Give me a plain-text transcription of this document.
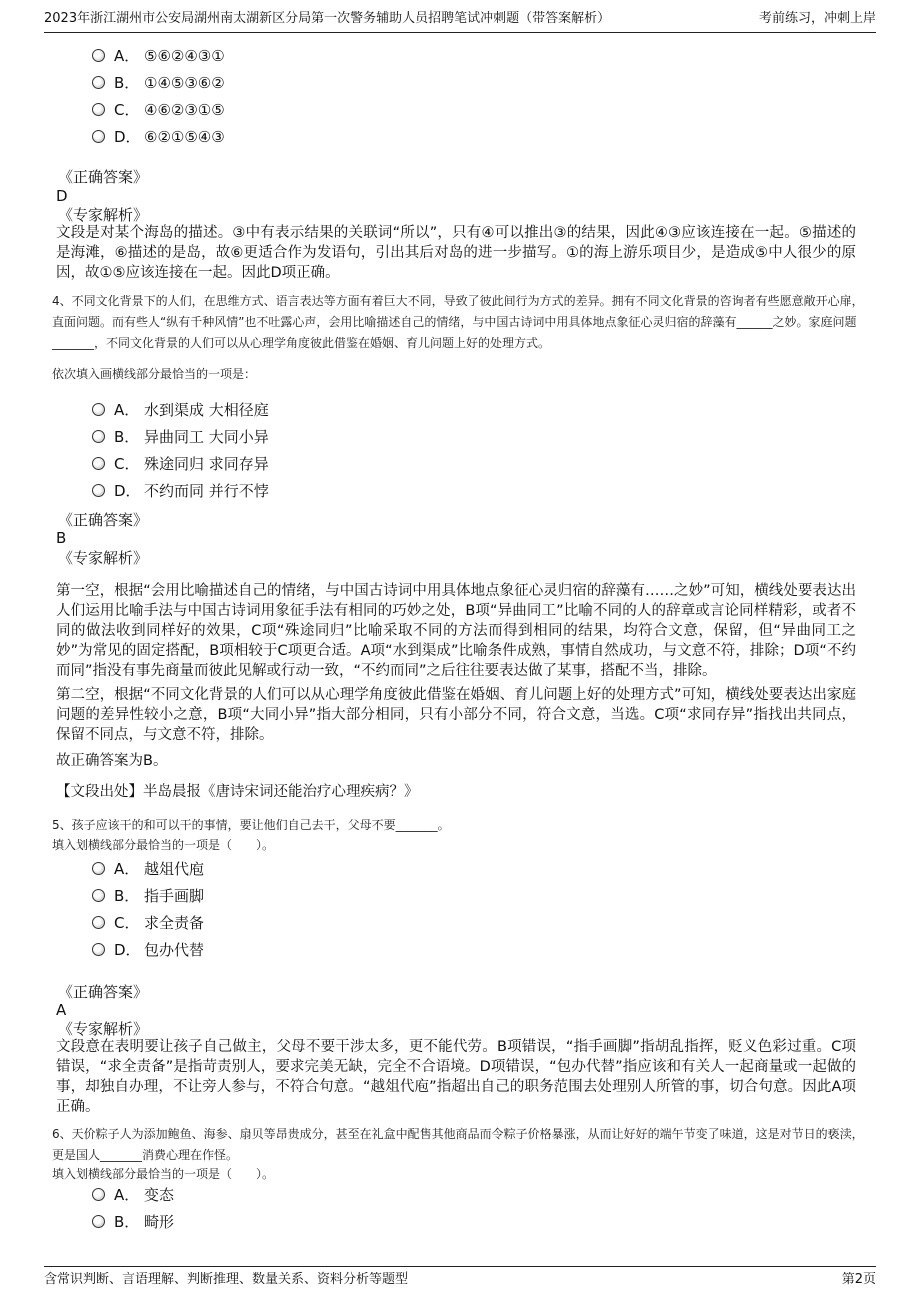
2023年浙江湖州市公安局湖州南太湖新区分局第一次警务辅助人员招聘笔试冲刺题（带答案解析）	考前练习，冲刺上岸
A． ⑤⑥②④③①
B． ①④⑤③⑥②
C． ④⑥②③①⑤
D． ⑥②①⑤④③
《正确答案》
D
《专家解析》
文段是对某个海岛的描述。③中有表示结果的关联词“所以”，只有④可以推出③的结果，因此④③应该连接在一起。⑤描述的是海滩，⑥描述的是岛，故⑥更适合作为发语句，引出其后对岛的进一步描写。①的海上游乐项目少，是造成⑤中人很少的原因，故①⑤应该连接在一起。因此D项正确。
4、不同文化背景下的人们，在思维方式、语言表达等方面有着巨大不同，导致了彼此间行为方式的差异。拥有不同文化背景的咨询者有些愿意敞开心扉，直面问题。而有些人“纵有千种风情”也不吐露心声，会用比喻描述自己的情绪，与中国古诗词中用具体地点象征心灵归宿的辞藻有______之妙。家庭问题_______，不同文化背景的人们可以从心理学角度彼此借鉴在婚姻、育儿问题上好的处理方式。
依次填入画横线部分最恰当的一项是：
A． 水到渠成 大相径庭
B． 异曲同工 大同小异
C． 殊途同归 求同存异
D． 不约而同 并行不悖
《正确答案》
B
《专家解析》
第一空，根据“会用比喻描述自己的情绪，与中国古诗词中用具体地点象征心灵归宿的辞藻有……之妙”可知，横线处要表达出人们运用比喻手法与中国古诗词用象征手法有相同的巧妙之处，B项“异曲同工”比喻不同的人的辞章或言论同样精彩，或者不同的做法收到同样好的效果，C项“殊途同归”比喻采取不同的方法而得到相同的结果，均符合文意，保留，但“异曲同工之妙”为常见的固定搭配，B项相较于C项更合适。A项“水到渠成”比喻条件成熟，事情自然成功，与文意不符，排除；D项“不约而同”指没有事先商量而彼此见解或行动一致，“不约而同”之后往往要表达做了某事，搭配不当，排除。
第二空，根据“不同文化背景的人们可以从心理学角度彼此借鉴在婚姻、育儿问题上好的处理方式”可知，横线处要表达出家庭问题的差异性较小之意，B项“大同小异”指大部分相同，只有小部分不同，符合文意，当选。C项“求同存异”指找出共同点，保留不同点，与文意不符，排除。
故正确答案为B。
【文段出处】半岛晨报《唐诗宋词还能治疗心理疾病？》
5、孩子应该干的和可以干的事情，要让他们自己去干，父母不要_______。
填入划横线部分最恰当的一项是（　　）。
A． 越俎代庖
B． 指手画脚
C． 求全责备
D． 包办代替
《正确答案》
A
《专家解析》
文段意在表明要让孩子自己做主，父母不要干涉太多，更不能代劳。B项错误，“指手画脚”指胡乱指挥，贬义色彩过重。C项错误，“求全责备”是指苛责别人，要求完美无缺，完全不合语境。D项错误，“包办代替”指应该和有关人一起商量或一起做的事，却独自办理，不让旁人参与，不符合句意。“越俎代庖”指超出自己的职务范围去处理别人所管的事，切合句意。因此A项正确。
6、天价粽子人为添加鲍鱼、海参、扇贝等昂贵成分，甚至在礼盒中配售其他商品而令粽子价格暴涨，从而让好好的端午节变了味道，这是对节日的亵渎，更是国人_______消费心理在作怪。
填入划横线部分最恰当的一项是（　　）。
A． 变态
B． 畸形
含常识判断、言语理解、判断推理、数量关系、资料分析等题型	第2页
